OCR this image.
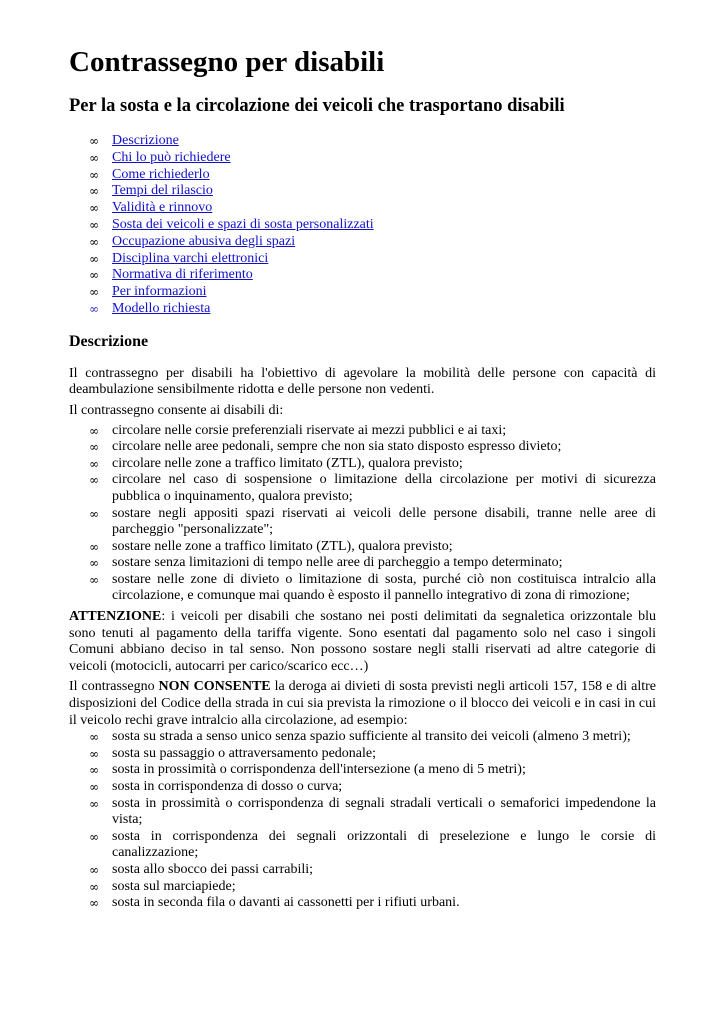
Contrassegno per disabili
Per la sosta e la circolazione dei veicoli che trasportano disabili
∞ Descrizione
∞ Chi lo può richiedere
∞ Come richiederlo
∞ Tempi del rilascio
∞ Validità e rinnovo
∞ Sosta dei veicoli e spazi di sosta personalizzati
∞ Occupazione abusiva degli spazi
∞ Disciplina varchi elettronici
∞ Normativa di riferimento
∞ Per informazioni
∞ Modello richiesta
Descrizione

Il contrassegno per disabili ha l'obiettivo di agevolare la mobilità delle persone con capacità di deambulazione sensibilmente ridotta e delle persone non vedenti.

Il contrassegno consente ai disabili di:

∞ circolare nelle corsie preferenziali riservate ai mezzi pubblici e ai taxi;
∞ circolare nelle aree pedonali, sempre che non sia stato disposto espresso divieto;
∞ circolare nelle zone a traffico limitato (ZTL), qualora previsto;
∞ circolare nel caso di sospensione o limitazione della circolazione per motivi di sicurezza pubblica o inquinamento, qualora previsto;
∞ sostare negli appositi spazi riservati ai veicoli delle persone disabili, tranne nelle aree di parcheggio "personalizzate";
∞ sostare nelle zone a traffico limitato (ZTL), qualora previsto;
∞ sostare senza limitazioni di tempo nelle aree di parcheggio a tempo determinato;
∞ sostare nelle zone di divieto o limitazione di sosta, purché ciò non costituisca intralcio alla circolazione, e comunque mai quando è esposto il pannello integrativo di zona di rimozione;

ATTENZIONE: i veicoli per disabili che sostano nei posti delimitati da segnaletica orizzontale blu sono tenuti al pagamento della tariffa vigente. Sono esentati dal pagamento solo nel caso i singoli Comuni abbiano deciso in tal senso. Non possono sostare negli stalli riservati ad altre categorie di veicoli (motocicli, autocarri per carico/scarico ecc…)

Il contrassegno NON CONSENTE la deroga ai divieti di sosta previsti negli articoli 157, 158 e di altre disposizioni del Codice della strada in cui sia prevista la rimozione o il blocco dei veicoli e in casi in cui il veicolo rechi grave intralcio alla circolazione, ad esempio:

∞ sosta su strada a senso unico senza spazio sufficiente al transito dei veicoli (almeno 3 metri);
∞ sosta su passaggio o attraversamento pedonale;
∞ sosta in prossimità o corrispondenza dell'intersezione (a meno di 5 metri);
∞ sosta in corrispondenza di dosso o curva;
∞ sosta in prossimità o corrispondenza di segnali stradali verticali o semaforici impedendone la vista;
∞ sosta in corrispondenza dei segnali orizzontali di preselezione e lungo le corsie di canalizzazione;
∞ sosta allo sbocco dei passi carrabili;
∞ sosta sul marciapiede;
∞ sosta in seconda fila o davanti ai cassonetti per i rifiuti urbani.
